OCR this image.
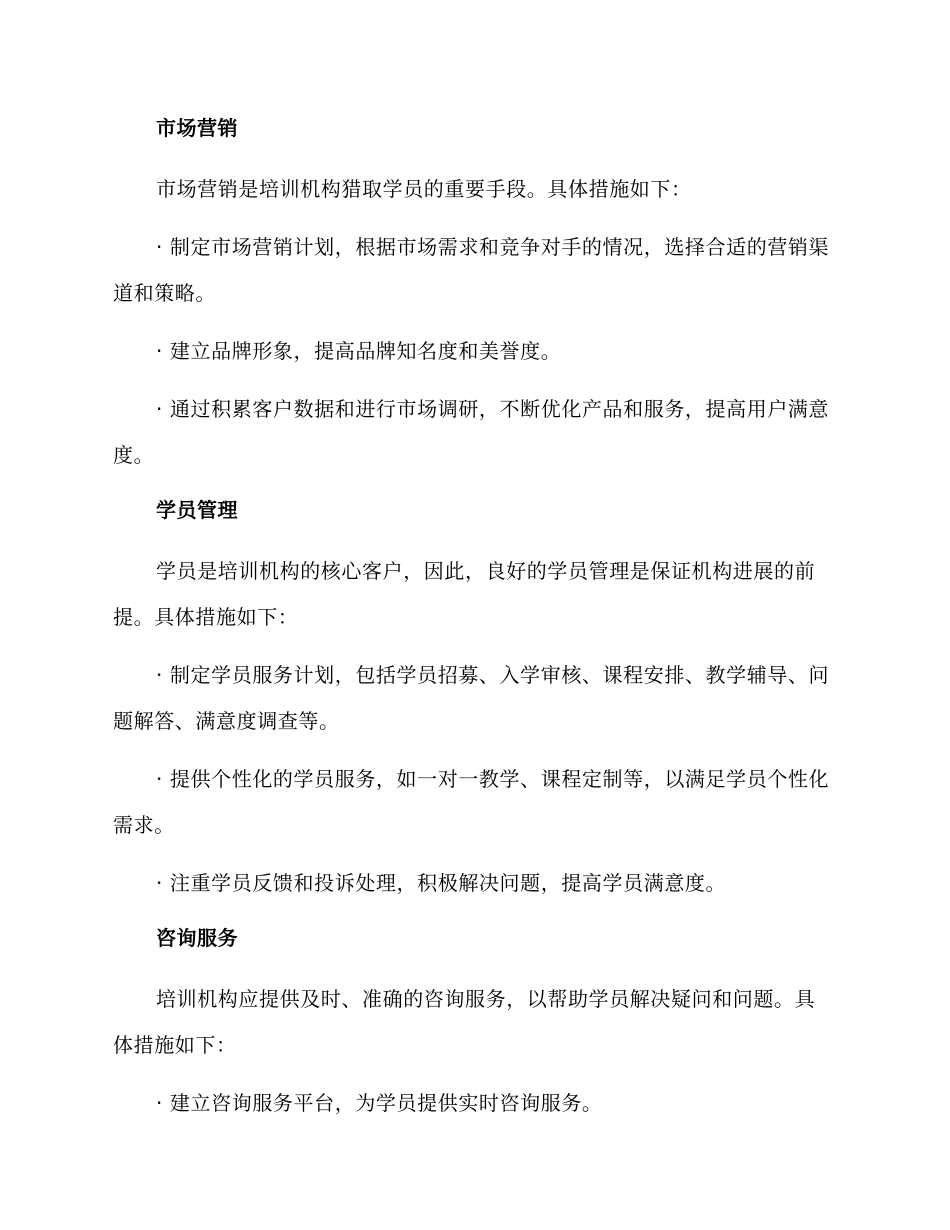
市场营销

市场营销是培训机构猎取学员的重要手段。具体措施如下：

· 制定市场营销计划，根据市场需求和竞争对手的情况，选择合适的营销渠道和策略。

· 建立品牌形象，提高品牌知名度和美誉度。

· 通过积累客户数据和进行市场调研，不断优化产品和服务，提高用户满意度。

学员管理

学员是培训机构的核心客户，因此，良好的学员管理是保证机构进展的前提。具体措施如下：

· 制定学员服务计划，包括学员招募、入学审核、课程安排、教学辅导、问题解答、满意度调查等。

· 提供个性化的学员服务，如一对一教学、课程定制等，以满足学员个性化需求。

· 注重学员反馈和投诉处理，积极解决问题，提高学员满意度。

咨询服务

培训机构应提供及时、准确的咨询服务，以帮助学员解决疑问和问题。具体措施如下：

· 建立咨询服务平台，为学员提供实时咨询服务。
